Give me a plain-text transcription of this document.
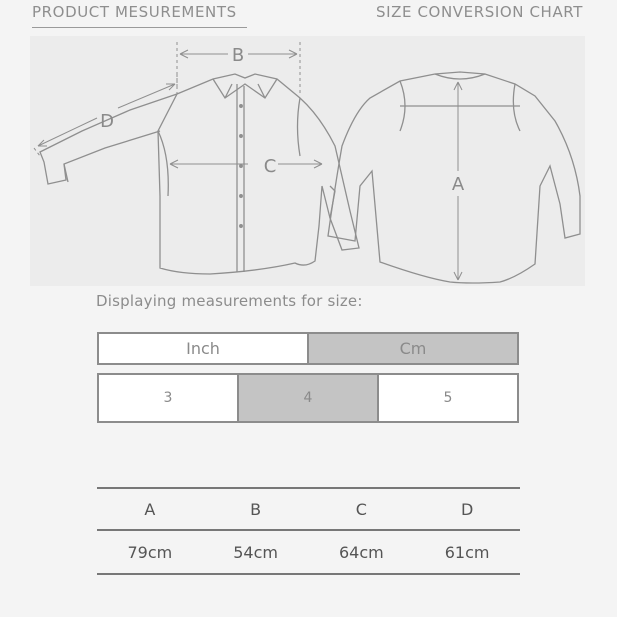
PRODUCT MESUREMENTS	SIZE CONVERSION CHART
B
C
D
A
Displaying measurements for size:
Inch	Cm
3	4	5
A	B	C	D
79cm	54cm	64cm	61cm
